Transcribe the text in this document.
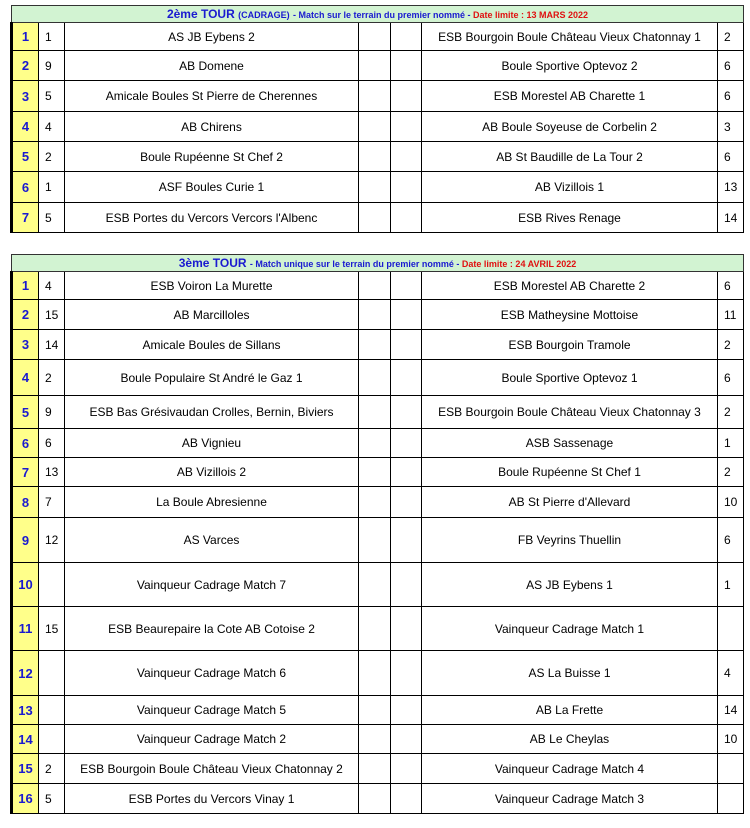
2ème TOUR (CADRAGE) - Match sur le terrain du premier nommé - Date limite : 13 MARS 2022						
1	1	AS JB Eybens 2			ESB Bourgoin Boule Château Vieux Chatonnay 1	2
2	9	AB Domene			Boule Sportive Optevoz 2	6
3	5	Amicale Boules St Pierre de Cherennes			ESB Morestel AB Charette 1	6
4	4	AB Chirens			AB Boule Soyeuse de Corbelin 2	3
5	2	Boule Rupéenne St Chef 2			AB St Baudille de La Tour 2	6
6	1	ASF Boules Curie 1			AB Vizillois 1	13
7	5	ESB Portes du Vercors Vercors l'Albenc			ESB Rives Renage	14
3ème TOUR - Match unique sur le terrain du premier nommé - Date limite : 24 AVRIL 2022						
1	4	ESB Voiron La Murette			ESB Morestel AB Charette 2	6
2	15	AB Marcilloles			ESB Matheysine Mottoise	11
3	14	Amicale Boules de Sillans			ESB Bourgoin Tramole	2
4	2	Boule Populaire St André le Gaz 1			Boule Sportive Optevoz 1	6
5	9	ESB Bas Grésivaudan Crolles, Bernin, Biviers			ESB Bourgoin Boule Château Vieux Chatonnay 3	2
6	6	AB Vignieu			ASB Sassenage	1
7	13	AB Vizillois 2			Boule Rupéenne St Chef 1	2
8	7	La Boule Abresienne			AB St Pierre d'Allevard	10
9	12	AS Varces			FB Veyrins Thuellin	6
10		Vainqueur Cadrage Match 7			AS JB Eybens 1	1
11	15	ESB Beaurepaire la Cote AB Cotoise 2			Vainqueur Cadrage Match 1	
12		Vainqueur Cadrage Match 6			AS La Buisse 1	4
13		Vainqueur Cadrage Match 5			AB La Frette	14
14		Vainqueur Cadrage Match 2			AB Le Cheylas	10
15	2	ESB Bourgoin Boule Château Vieux Chatonnay 2			Vainqueur Cadrage Match 4	
16	5	ESB Portes du Vercors Vinay 1			Vainqueur Cadrage Match 3	
